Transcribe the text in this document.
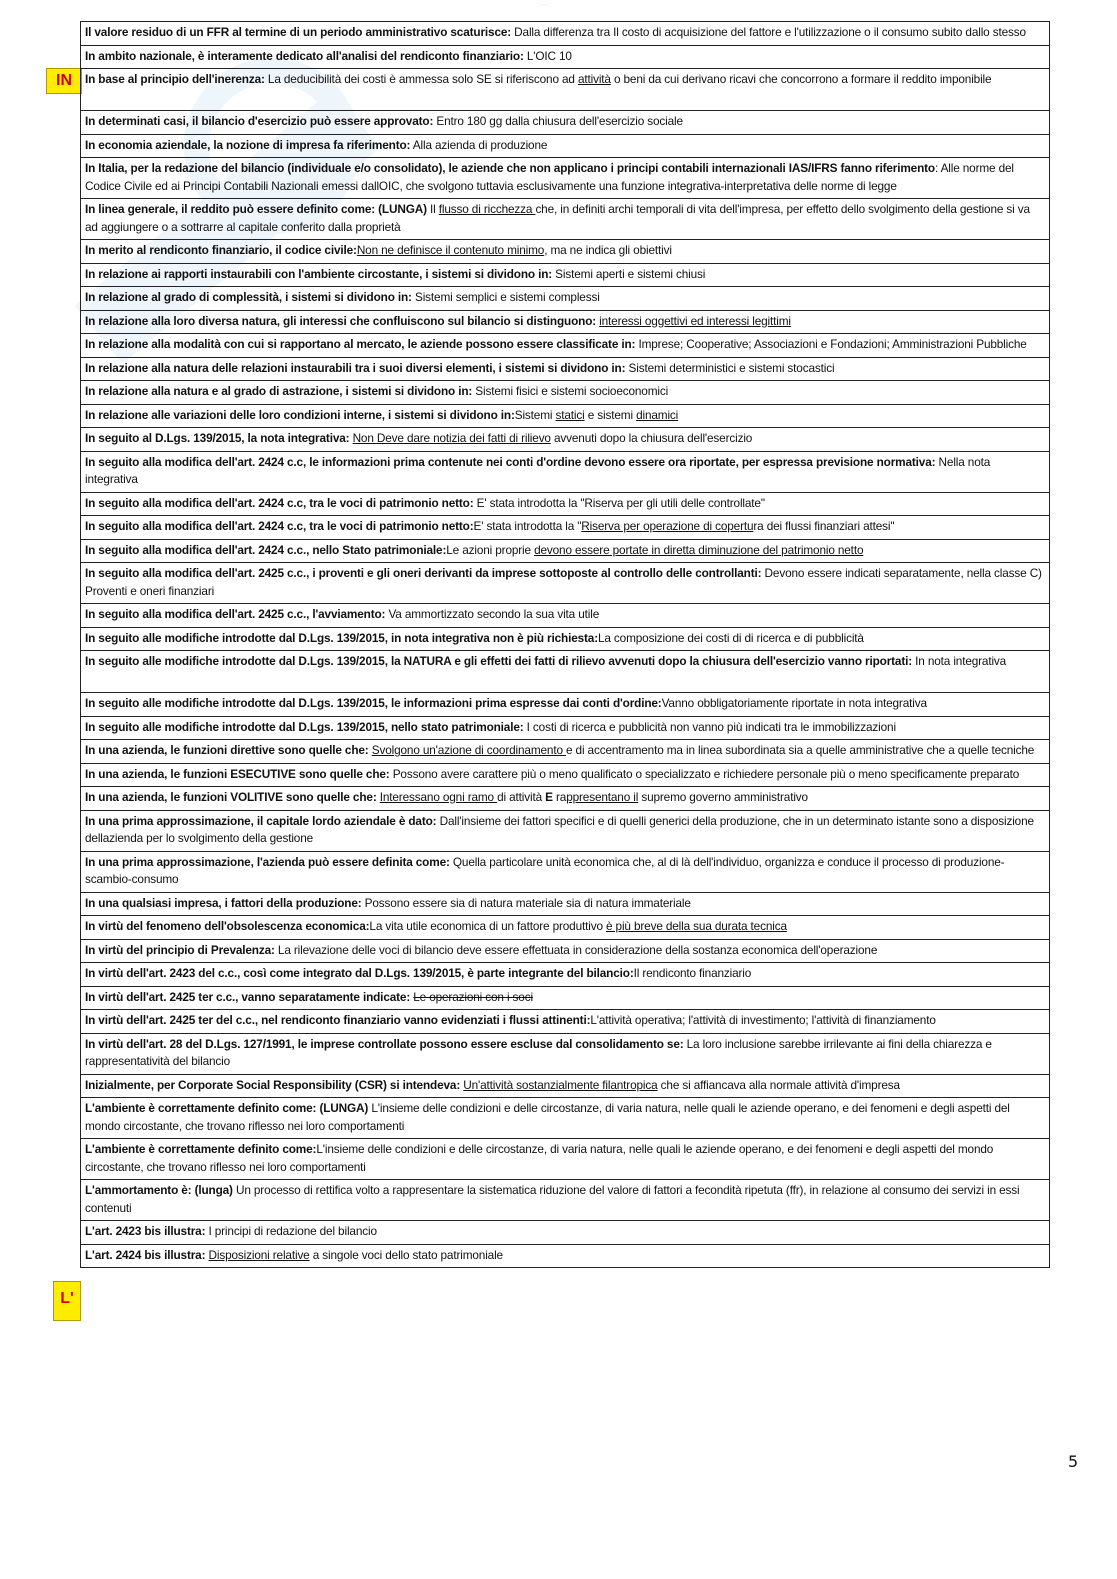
····
IN
L'
Il valore residuo di un FFR al termine di un periodo amministrativo scaturisce: Dalla differenza tra Il costo di acquisizione del fattore e l'utilizzazione o il consumo subito dallo stesso
In ambito nazionale, è interamente dedicato all'analisi del rendiconto finanziario: L'OIC 10
In base al principio dell'inerenza: La deducibilità dei costi è ammessa solo SE si riferiscono ad attività o beni da cui derivano ricavi che concorrono a formare il reddito imponibile
In determinati casi, il bilancio d'esercizio può essere approvato: Entro 180 gg dalla chiusura dell'esercizio sociale
In economia aziendale, la nozione di impresa fa riferimento: Alla azienda di produzione
In Italia, per la redazione del bilancio (individuale e/o consolidato), le aziende che non applicano i principi contabili internazionali IAS/IFRS fanno riferimento: Alle norme del Codice Civile ed ai Principi Contabili Nazionali emessi dallOIC, che svolgono tuttavia esclusivamente una funzione integrativa-interpretativa delle norme di legge
In linea generale, il reddito può essere definito come: (LUNGA) Il flusso di ricchezza che, in definiti archi temporali di vita dell'impresa, per effetto dello svolgimento della gestione si va ad aggiungere o a sottrarre al capitale conferito dalla proprietà
In merito al rendiconto finanziario, il codice civile:Non ne definisce il contenuto minimo, ma ne indica gli obiettivi
In relazione ai rapporti instaurabili con l'ambiente circostante, i sistemi si dividono in: Sistemi aperti e sistemi chiusi
In relazione al grado di complessità, i sistemi si dividono in: Sistemi semplici e sistemi complessi
In relazione alla loro diversa natura, gli interessi che confluiscono sul bilancio si distinguono: interessi oggettivi ed interessi legittimi
In relazione alla modalità con cui si rapportano al mercato, le aziende possono essere classificate in: Imprese; Cooperative; Associazioni e Fondazioni; Amministrazioni Pubbliche
In relazione alla natura delle relazioni instaurabili tra i suoi diversi elementi, i sistemi si dividono in: Sistemi deterministici e sistemi stocastici
In relazione alla natura e al grado di astrazione, i sistemi si dividono in: Sistemi fisici e sistemi socioeconomici
In relazione alle variazioni delle loro condizioni interne, i sistemi si dividono in:Sistemi statici e sistemi dinamici
In seguito al D.Lgs. 139/2015, la nota integrativa: Non Deve dare notizia dei fatti di rilievo avvenuti dopo la chiusura dell'esercizio
In seguito alla modifica dell'art. 2424 c.c, le informazioni prima contenute nei conti d'ordine devono essere ora riportate, per espressa previsione normativa: Nella nota integrativa
In seguito alla modifica dell'art. 2424 c.c, tra le voci di patrimonio netto: E' stata introdotta la "Riserva per gli utili delle controllate"
In seguito alla modifica dell'art. 2424 c.c, tra le voci di patrimonio netto:E' stata introdotta la "Riserva per operazione di copertura dei flussi finanziari attesi"
In seguito alla modifica dell'art. 2424 c.c., nello Stato patrimoniale:Le azioni proprie devono essere portate in diretta diminuzione del patrimonio netto
In seguito alla modifica dell'art. 2425 c.c., i proventi e gli oneri derivanti da imprese sottoposte al controllo delle controllanti: Devono essere indicati separatamente, nella classe C) Proventi e oneri finanziari
In seguito alla modifica dell'art. 2425 c.c., l'avviamento: Va ammortizzato secondo la sua vita utile
In seguito alle modifiche introdotte dal D.Lgs. 139/2015, in nota integrativa non è più richiesta:La composizione dei costi di di ricerca e di pubblicità
In seguito alle modifiche introdotte dal D.Lgs. 139/2015, la NATURA e gli effetti dei fatti di rilievo avvenuti dopo la chiusura dell'esercizio vanno riportati: In nota integrativa
In seguito alle modifiche introdotte dal D.Lgs. 139/2015, le informazioni prima espresse dai conti d'ordine:Vanno obbligatoriamente riportate in nota integrativa
In seguito alle modifiche introdotte dal D.Lgs. 139/2015, nello stato patrimoniale: I costi di ricerca e pubblicità non vanno più indicati tra le immobilizzazioni
In una azienda, le funzioni direttive sono quelle che: Svolgono un'azione di coordinamento e di accentramento ma in linea subordinata sia a quelle amministrative che a quelle tecniche
In una azienda, le funzioni ESECUTIVE sono quelle che: Possono avere carattere più o meno qualificato o specializzato e richiedere personale più o meno specificamente preparato
In una azienda, le funzioni VOLITIVE sono quelle che: Interessano ogni ramo di attività E rappresentano il supremo governo amministrativo
In una prima approssimazione, il capitale lordo aziendale è dato: Dall'insieme dei fattori specifici e di quelli generici della produzione, che in un determinato istante sono a disposizione dellazienda per lo svolgimento della gestione
In una prima approssimazione, l'azienda può essere definita come: Quella particolare unità economica che, al di là dell'individuo, organizza e conduce il processo di produzione-scambio-consumo
In una qualsiasi impresa, i fattori della produzione: Possono essere sia di natura materiale sia di natura immateriale
In virtù del fenomeno dell'obsolescenza economica:La vita utile economica di un fattore produttivo è più breve della sua durata tecnica
In virtù del principio di Prevalenza: La rilevazione delle voci di bilancio deve essere effettuata in considerazione della sostanza economica dell'operazione
In virtù dell'art. 2423 del c.c., così come integrato dal D.Lgs. 139/2015, è parte integrante del bilancio:Il rendiconto finanziario
In virtù dell'art. 2425 ter c.c., vanno separatamente indicate: Le operazioni con i soci
In virtù dell'art. 2425 ter del c.c., nel rendiconto finanziario vanno evidenziati i flussi attinenti:L'attività operativa; l'attività di investimento; l'attività di finanziamento
In virtù dell'art. 28 del D.Lgs. 127/1991, le imprese controllate possono essere escluse dal consolidamento se: La loro inclusione sarebbe irrilevante ai fini della chiarezza e rappresentatività del bilancio
Inizialmente, per Corporate Social Responsibility (CSR) si intendeva: Un'attività sostanzialmente filantropica che si affiancava alla normale attività d'impresa
L'ambiente è correttamente definito come: (LUNGA) L'insieme delle condizioni e delle circostanze, di varia natura, nelle quali le aziende operano, e dei fenomeni e degli aspetti del mondo circostante, che trovano riflesso nei loro comportamenti
L'ambiente è correttamente definito come:L'insieme delle condizioni e delle circostanze, di varia natura, nelle quali le aziende operano, e dei fenomeni e degli aspetti del mondo circostante, che trovano riflesso nei loro comportamenti
L'ammortamento è: (lunga) Un processo di rettifica volto a rappresentare la sistematica riduzione del valore di fattori a fecondità ripetuta (ffr), in relazione al consumo dei servizi in essi contenuti
L'art. 2423 bis illustra: I principi di redazione del bilancio
L'art. 2424 bis illustra: Disposizioni relative a singole voci dello stato patrimoniale
5
